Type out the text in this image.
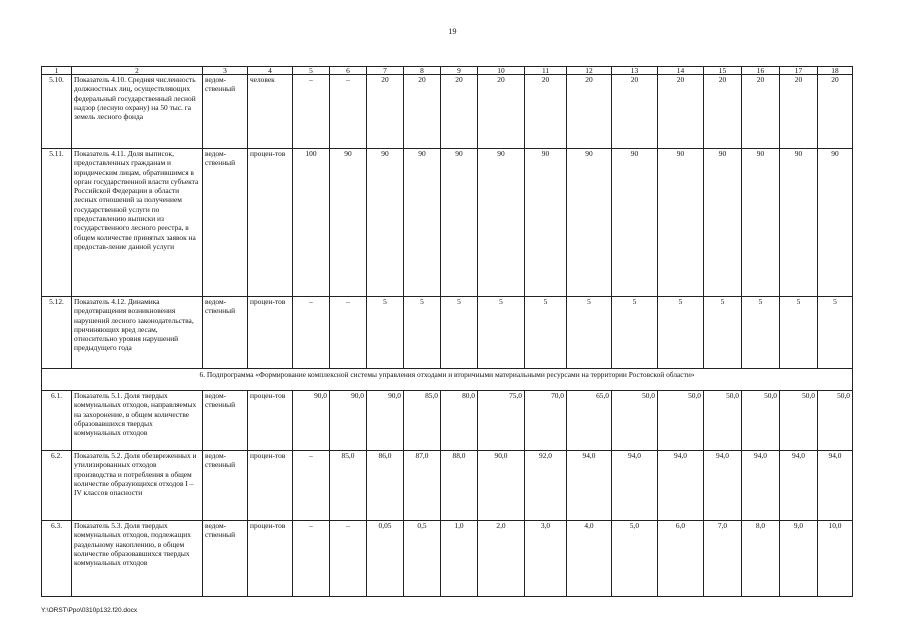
19
1	2	3	4	5	6	7	8	9	10	11	12	13	14	15	16	17	18
5.10.	Показатель 4.10. Средняя численность должностных лиц, осуществляющих федеральный государственный лесной надзор (лесную охрану) на 50 тыс. га земель лесного фонда	ведом-ственный	человек	–	–	20	20	20	20	20	20	20	20	20	20	20	20
5.11.	Показатель 4.11. Доля выписок, предоставленных гражданам и юридическим лицам, обратившимся в орган государственной власти субъекта Российской Федерации в области лесных отношений за получением государственной услуги по предоставлению выписки из государственного лесного реестра, в общем количестве принятых заявок на предостав-ление данной услуги	ведом-ственный	процен-тов	100	90	90	90	90	90	90	90	90	90	90	90	90	90
5.12.	Показатель 4.12. Динамика предотвращения возникновения нарушений лесного законодательства, причиняющих вред лесам, относительно уровня нарушений предыдущего года	ведом-ственный	процен-тов	–	–	5	5	5	5	5	5	5	5	5	5	5	5
6. Подпрограмма «Формирование комплексной системы управления отходами и вторичными материальными ресурсами на территории Ростовской области»																	
6.1.	Показатель 5.1. Доля твердых коммунальных отходов, направляемых на захоронение, в общем количестве образовавшихся твердых коммунальных отходов	ведом-ственный	процен-тов	90,0	90,0	90,0	85,0	80,0	75,0	70,0	65,0	50,0	50,0	50,0	50,0	50,0	50,0
6.2.	Показатель 5.2. Доля обезвреженных и утилизированных отходов производства и потребления в общем количестве образующихся отходов I – IV классов опасности	ведом-ственный	процен-тов	–	85,0	86,0	87,0	88,0	90,0	92,0	94,0	94,0	94,0	94,0	94,0	94,0	94,0
6.3.	Показатель 5.3. Доля твердых коммунальных отходов, подлежащих раздельному накоплению, в общем количестве образовавшихся твердых коммунальных отходов	ведом-ственный	процен-тов	–	–	0,05	0,5	1,0	2,0	3,0	4,0	5,0	6,0	7,0	8,0	9,0	10,0
Y:\ORST\Ppo\0310p132.f20.docx
